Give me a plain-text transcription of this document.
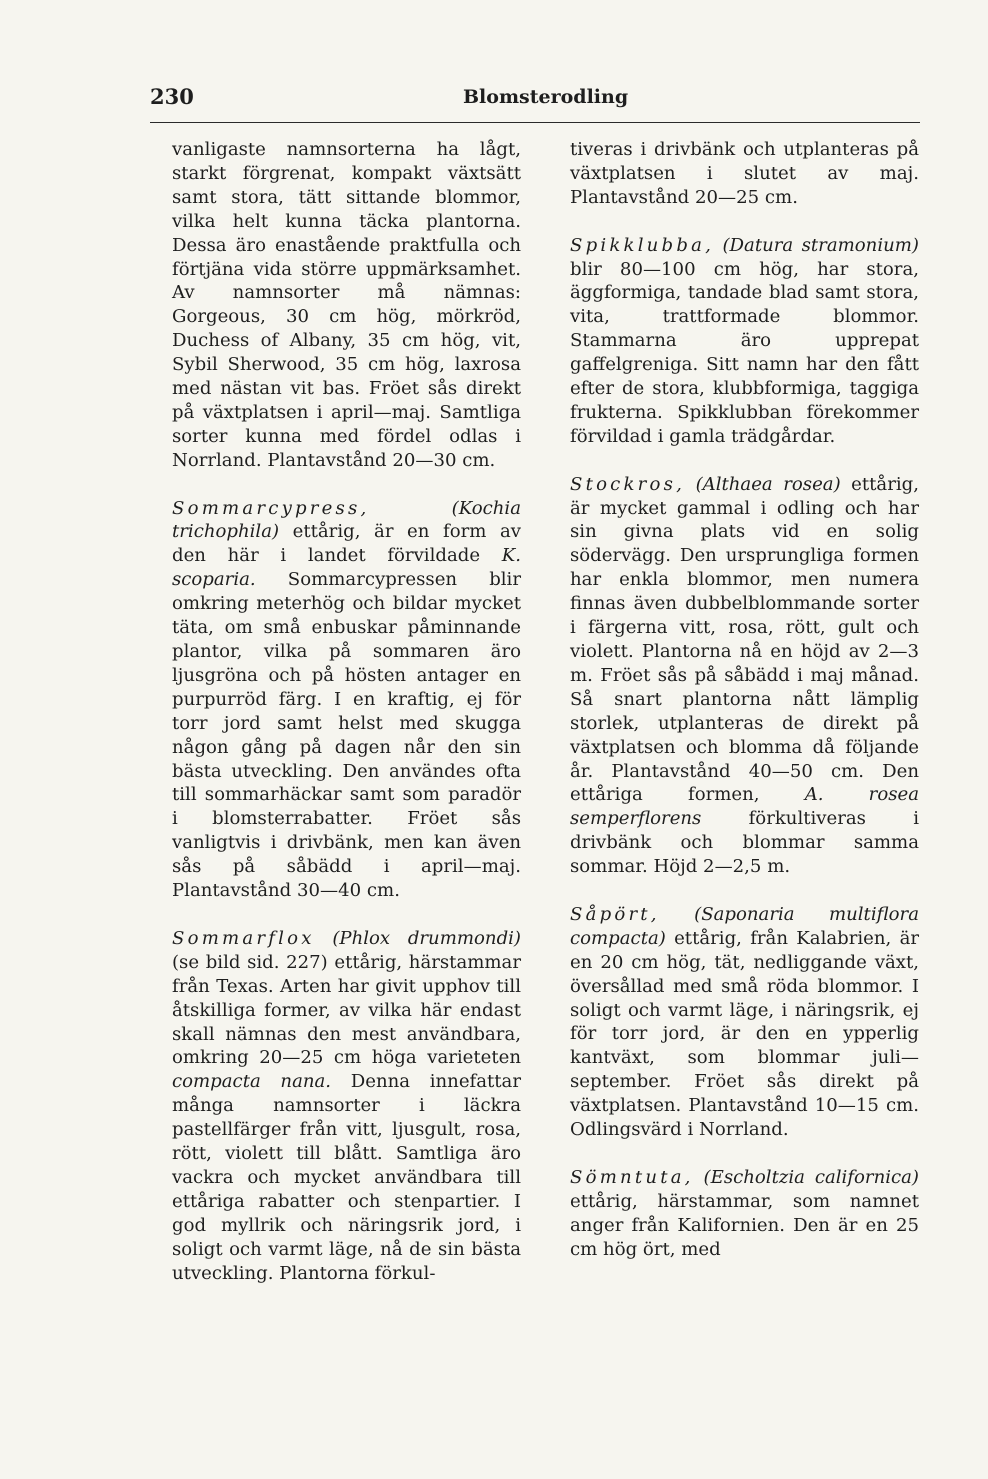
230	Blomsterodling

vanligaste namnsorterna ha lågt, starkt förgrenat, kompakt växtsätt samt stora, tätt sittande blommor, vilka helt kunna täcka plantorna. Dessa äro enastående praktfulla och förtjäna vida större uppmärksamhet. Av namnsorter må nämnas: Gorgeous, 30 cm hög, mörkröd, Duchess of Albany, 35 cm hög, vit, Sybil Sherwood, 35 cm hög, laxrosa med nästan vit bas. Fröet sås direkt på växtplatsen i april—maj. Samtliga sorter kunna med fördel odlas i Norrland. Plantavstånd 20—30 cm.

Sommarcypress,	(Kochia trichophila) ettårig, är en form av den här i landet förvildade K. scoparia. Sommarcypressen blir omkring meterhög och bildar mycket täta, om små enbuskar påminnande plantor, vilka på sommaren äro ljusgröna och på hösten antager en purpurröd färg. I en kraftig, ej för torr jord samt helst med skugga någon gång på dagen når den sin bästa utveckling. Den användes ofta till sommarhäckar samt som paradör i blomsterrabatter. Fröet sås vanligtvis i drivbänk, men kan även sås på såbädd i april—maj. Plantavstånd 30—40 cm.

Sommarflox (Phlox drummondi) (se bild sid. 227) ettårig, härstammar från Texas. Arten har givit upphov till åtskilliga former, av vilka här endast skall nämnas den mest användbara, omkring 20—25 cm höga varieteten compacta nana. Denna innefattar många namnsorter i läckra pastellfärger från vitt, ljusgult, rosa, rött, violett till blått. Samtliga äro vackra och mycket användbara till ettåriga rabatter och stenpartier. I god myllrik och näringsrik jord, i soligt och varmt läge, nå de sin bästa utveckling. Plantorna förkul-

tiveras i drivbänk och utplanteras på växtplatsen i slutet av maj. Plantavstånd 20—25 cm.

Spikklubba, (Datura stramonium) blir 80—100 cm hög, har stora, äggformiga, tandade blad samt stora, vita, trattformade blommor. Stammarna äro upprepat gaffelgreniga. Sitt namn har den fått efter de stora, klubbformiga, taggiga frukterna. Spikklubban förekommer förvildad i gamla trädgårdar.

Stockros, (Althaea rosea) ettårig, är mycket gammal i odling och har sin givna plats vid en solig södervägg. Den ursprungliga formen har enkla blommor, men numera finnas även dubbelblommande sorter i färgerna vitt, rosa, rött, gult och violett. Plantorna nå en höjd av 2—3 m. Fröet sås på såbädd i maj månad. Så snart plantorna nått lämplig storlek, utplanteras de direkt på växtplatsen och blomma då följande år. Plantavstånd 40—50 cm. Den ettåriga formen, A. rosea semperflorens förkultiveras i drivbänk och blommar samma sommar. Höjd 2—2,5 m.

Såpört, (Saponaria multiflora compacta) ettårig, från Kalabrien, är en 20 cm hög, tät, nedliggande växt, översållad med små röda blommor. I soligt och varmt läge, i näringsrik, ej för torr jord, är den en ypperlig kantväxt, som blommar juli—september. Fröet sås direkt på växtplatsen. Plantavstånd 10—15 cm. Odlingsvärd i Norrland.

Sömntuta, (Escholtzia californica) ettårig, härstammar, som namnet anger från Kalifornien. Den är en 25 cm hög ört, med
